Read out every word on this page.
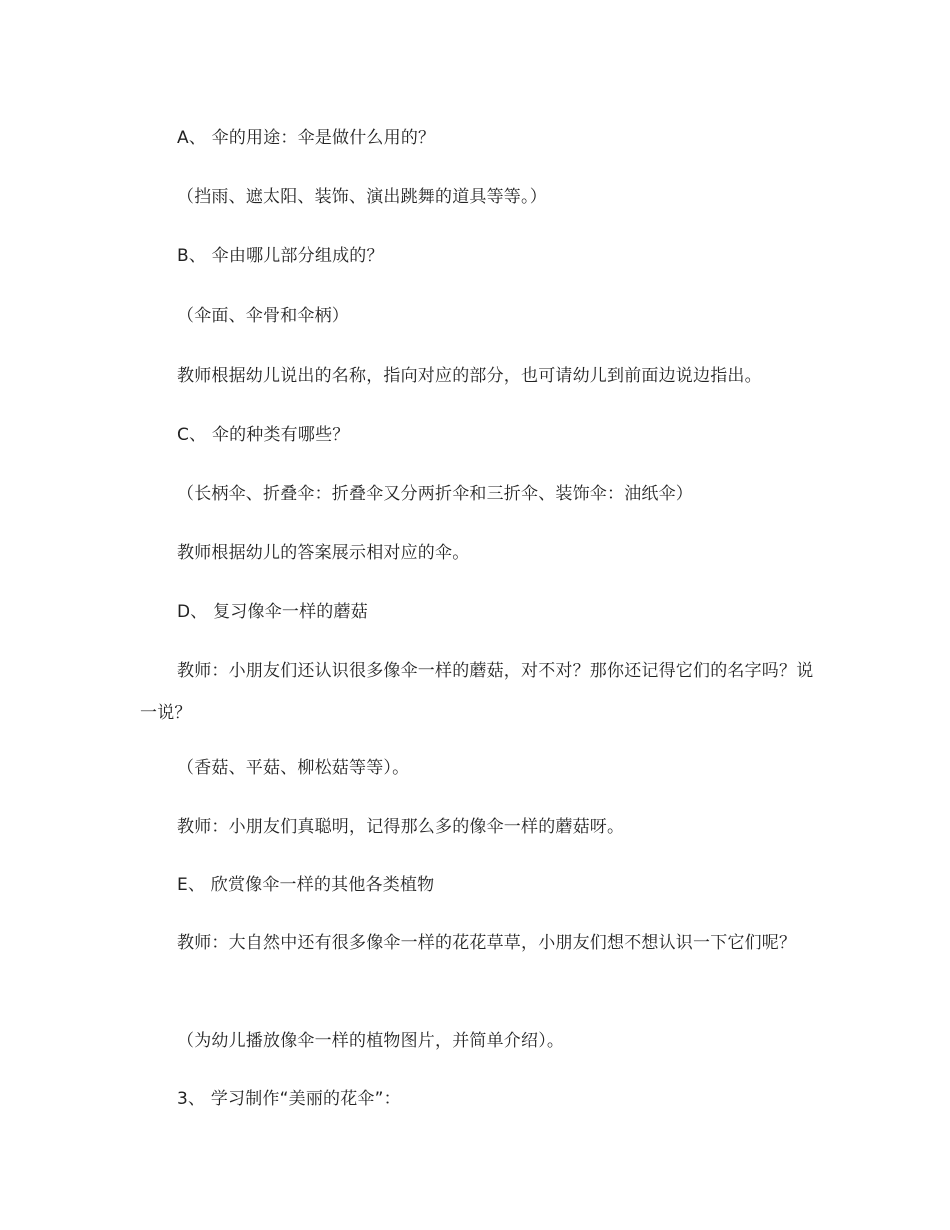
A、 伞的用途：伞是做什么用的？
（挡雨、遮太阳、装饰、演出跳舞的道具等等。）
B、 伞由哪儿部分组成的？
（伞面、伞骨和伞柄）
教师根据幼儿说出的名称，指向对应的部分，也可请幼儿到前面边说边指出。
C、 伞的种类有哪些？
（长柄伞、折叠伞：折叠伞又分两折伞和三折伞、装饰伞：油纸伞）
教师根据幼儿的答案展示相对应的伞。
D、 复习像伞一样的蘑菇
教师：小朋友们还认识很多像伞一样的蘑菇，对不对？那你还记得它们的名字吗？说一说？
（香菇、平菇、柳松菇等等）。
教师：小朋友们真聪明，记得那么多的像伞一样的蘑菇呀。
E、 欣赏像伞一样的其他各类植物
教师：大自然中还有很多像伞一样的花花草草，小朋友们想不想认识一下它们呢？
（为幼儿播放像伞一样的植物图片，并简单介绍）。
3、 学习制作“美丽的花伞”：
